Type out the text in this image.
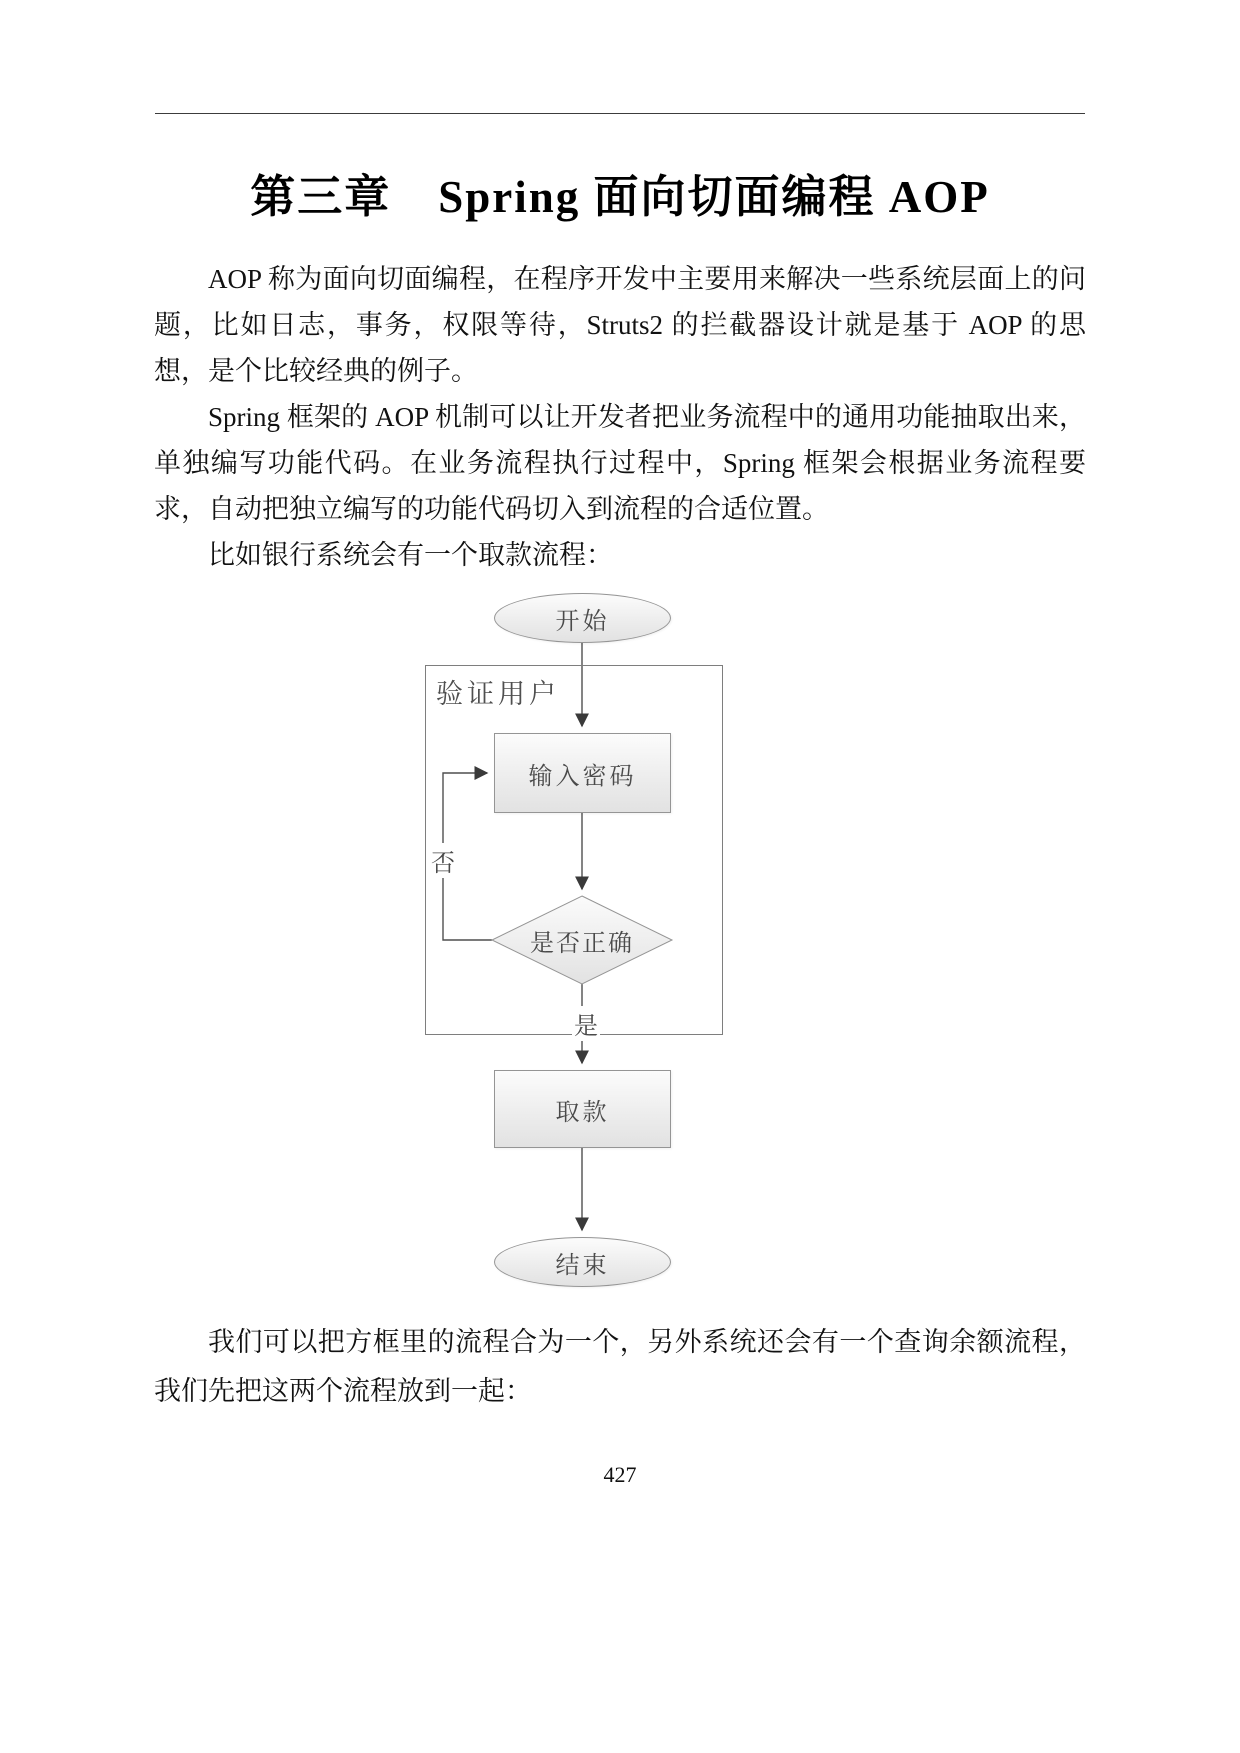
第三章　Spring 面向切面编程 AOP

AOP 称为面向切面编程，在程序开发中主要用来解决一些系统层面上的问题，比如日志，事务，权限等待，Struts2 的拦截器设计就是基于 AOP 的思想，是个比较经典的例子。

Spring 框架的 AOP 机制可以让开发者把业务流程中的通用功能抽取出来，单独编写功能代码。在业务流程执行过程中，Spring 框架会根据业务流程要求，自动把独立编写的功能代码切入到流程的合适位置。

比如银行系统会有一个取款流程：

验证用户
开始
输入密码
是否正确
否
是
取款
结束

我们可以把方框里的流程合为一个，另外系统还会有一个查询余额流程，我们先把这两个流程放到一起：

427
